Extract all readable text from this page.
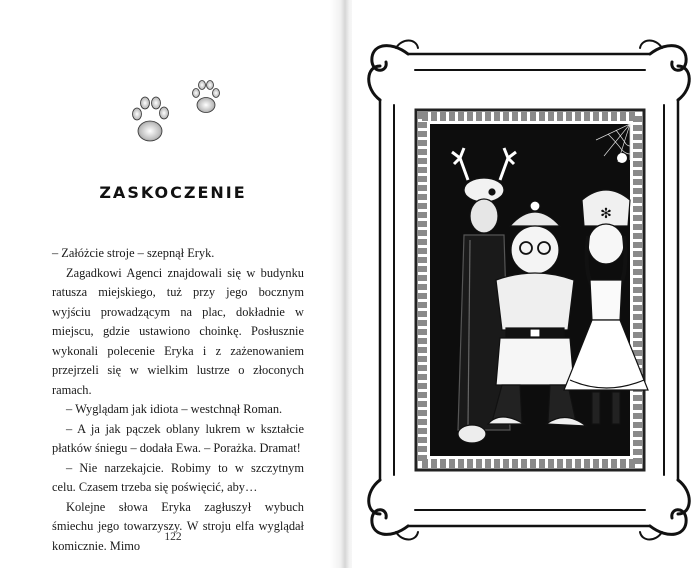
ZASKOCZENIE

– Załóżcie stroje – szepnął Eryk.

Zagadkowi Agenci znajdowali się w budynku ratusza miejskiego, tuż przy jego bocznym wyjściu prowadzącym na plac, dokładnie w miejscu, gdzie ustawiono choinkę. Posłusznie wykonali polecenie Eryka i z zażenowaniem przejrzeli się w wielkim lustrze o złoconych ramach.

– Wyglądam jak idiota – westchnął Roman.

– A ja jak pączek oblany lukrem w kształcie płatków śniegu – dodała Ewa. – Porażka. Dramat!

– Nie narzekajcie. Robimy to w szczytnym celu. Czasem trzeba się poświęcić, aby…

Kolejne słowa Eryka zagłuszył wybuch śmiechu jego towarzyszy. W stroju elfa wyglądał komicznie. Mimo

122
✻
